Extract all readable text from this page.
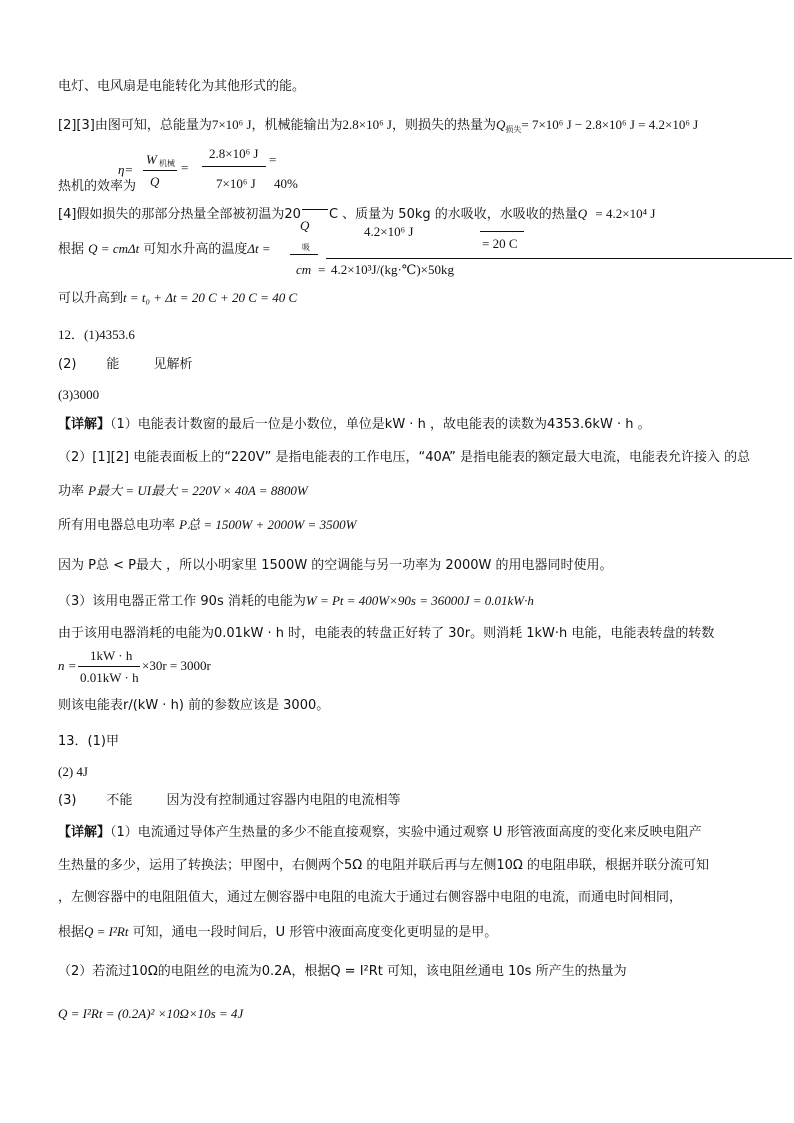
电灯、电风扇是电能转化为其他形式的能。
[2][3]由图可知，总能量为7×10⁶ J，机械能输出为2.8×10⁶ J，则损失的热量为$Q_{损失}= 7\times 10^6$ J − 2.8×10⁶ J = 4.2×10⁶ J
W 机械
η=
Q
=
2.8×10⁶ J
7×10⁶ J
=
热机的效率为	40%
[4]假如损失的那部分热量全部被初温为20 C 、质量为 50kg 的水吸收，水吸收的热量Q = 4.2×10⁴ J
Q	4.2×10⁶ J
根据 Q = cmΔt 可知水升高的温度Δt =	吸
cm =
= 20 C
4.2×10³J/(kg·℃)×50kg
可以升高到t = t₀ + Δt = 20 C + 20 C = 40 C
12．(1)4353.6
(2) 能	见解析
(3)3000
【详解】（1）电能表计数窗的最后一位是小数位，单位是kW · h ，故电能表的读数为4353.6kW · h 。
（2）[1][2] 电能表面板上的“220V” 是指电能表的工作电压，“40A” 是指电能表的额定最大电流，电能表允许接入 的总
功率 P最大 = UI最大 = 220V × 40A = 8800W
所有用电器总电功率 P总 = 1500W + 2000W = 3500W
因为 P总 < P最大 ，所以小明家里 1500W 的空调能与另一功率为 2000W 的用电器同时使用。
（3）该用电器正常工作 90s 消耗的电能为W = Pt = 400W×90s = 36000J = 0.01kW·h
由于该用电器消耗的电能为0.01kW · h 时，电能表的转盘正好转了 30r。则消耗 1kW·h 电能，电能表转盘的转数
n =
1kW · h
0.01kW · h
×30r = 3000r
则该电能表r/(kW · h) 前的参数应该是 3000。
13．(1)甲
(2) 4J
(3) 不能	因为没有控制通过容器内电阻的电流相等
【详解】（1）电流通过导体产生热量的多少不能直接观察，实验中通过观察 U 形管液面高度的变化来反映电阻产
生热量的多少，运用了转换法；甲图中，右侧两个5Ω 的电阻并联后再与左侧10Ω 的电阻串联，根据并联分流可知
，左侧容器中的电阻阻值大，通过左侧容器中电阻的电流大于通过右侧容器中电阻的电流，而通电时间相同，
根据Q = I²Rt 可知，通电一段时间后，U 形管中液面高度变化更明显的是甲。
（2）若流过10Ω的电阻丝的电流为0.2A，根据Q = I²Rt 可知，该电阻丝通电 10s 所产生的热量为
Q = I²Rt = (0.2A)² ×10Ω×10s = 4J
